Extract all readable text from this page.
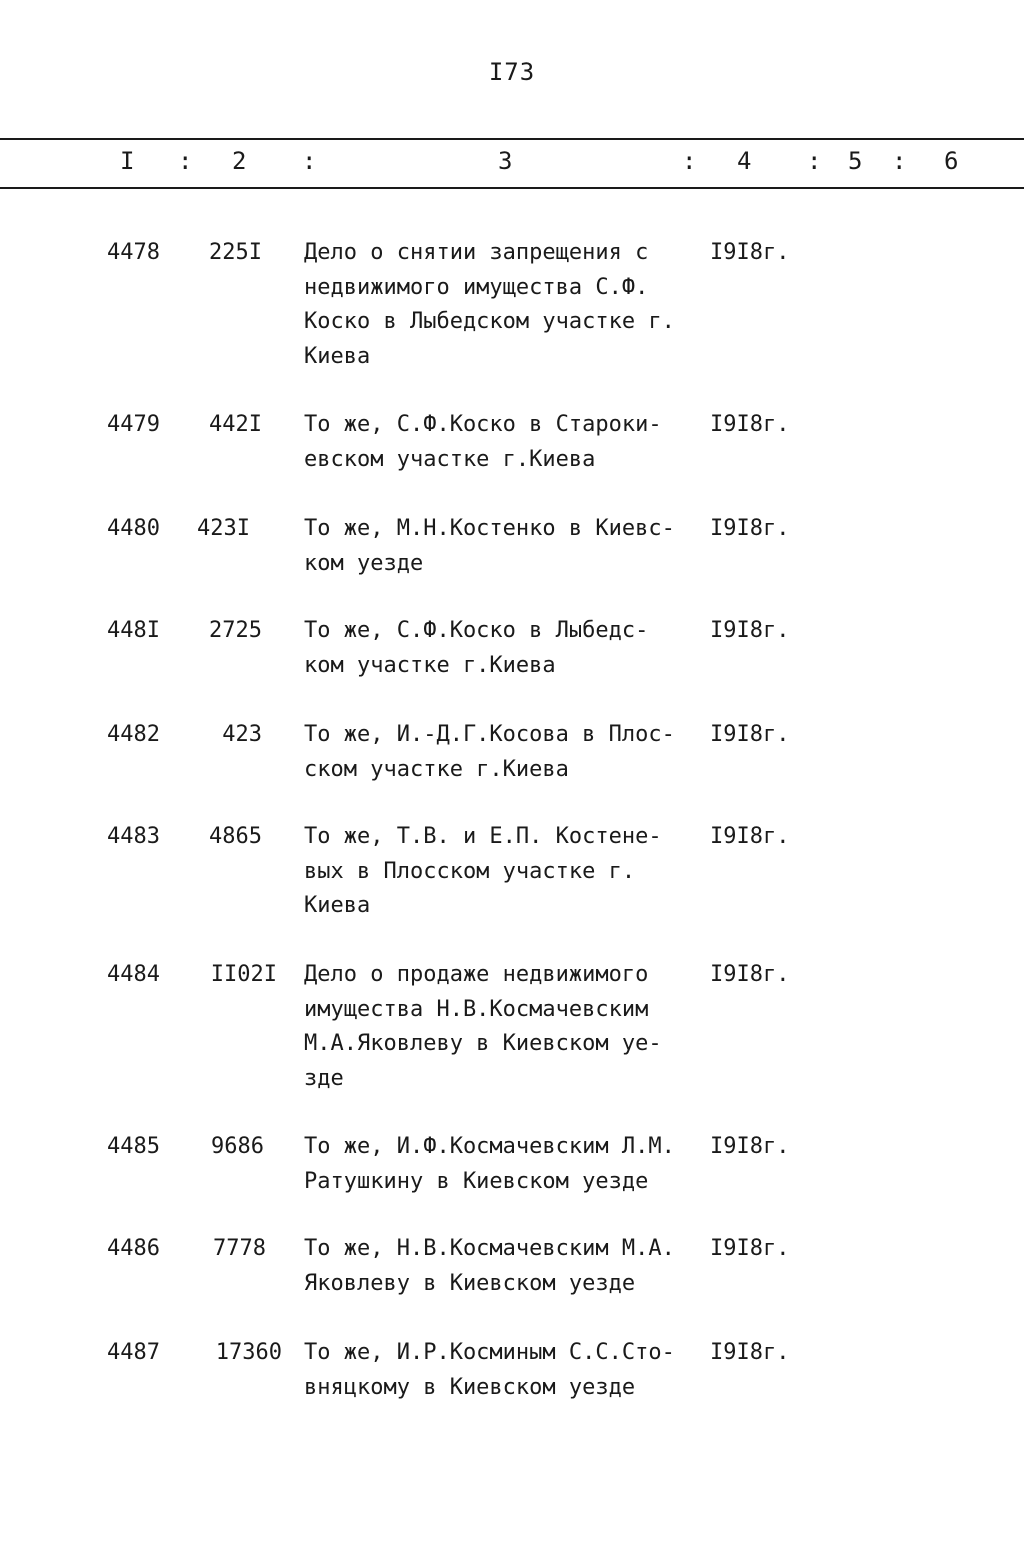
I73
I : 2 :	3	: 4 : 5 : 6
4478 225I Дело о снятии запрещения с
недвижимого имущества С.Ф.
Коско в Лыбедском участке г.
Киева
I9I8г.
4479 442I То же, С.Ф.Коско в Староки-
евском участке г.Киева
I9I8г.
4480 423I То же, М.Н.Костенко в Киевс-
ком уезде
I9I8г.
448I 2725 То же, С.Ф.Коско в Лыбедс-
ком участке г.Киева
I9I8г.
4482	423 То же, И.-Д.Г.Косова в Плос-
ском участке г.Киева
I9I8г.
4483 4865 То же, Т.В. и Е.П. Костене-
вых в Плосском участке г.
Киева
I9I8г.
4484 II02I Дело о продаже недвижимого
имущества Н.В.Космачевским
М.А.Яковлеву в Киевском уе-
зде
I9I8г.
4485 9686 То же, И.Ф.Космачевским Л.М.
Ратушкину в Киевском уезде
I9I8г.
4486 7778 То же, Н.В.Космачевским М.А.
Яковлеву в Киевском уезде
I9I8г.
4487	17360 То же, И.Р.Косминым С.С.Сто-
вняцкому в Киевском уезде
I9I8г.
